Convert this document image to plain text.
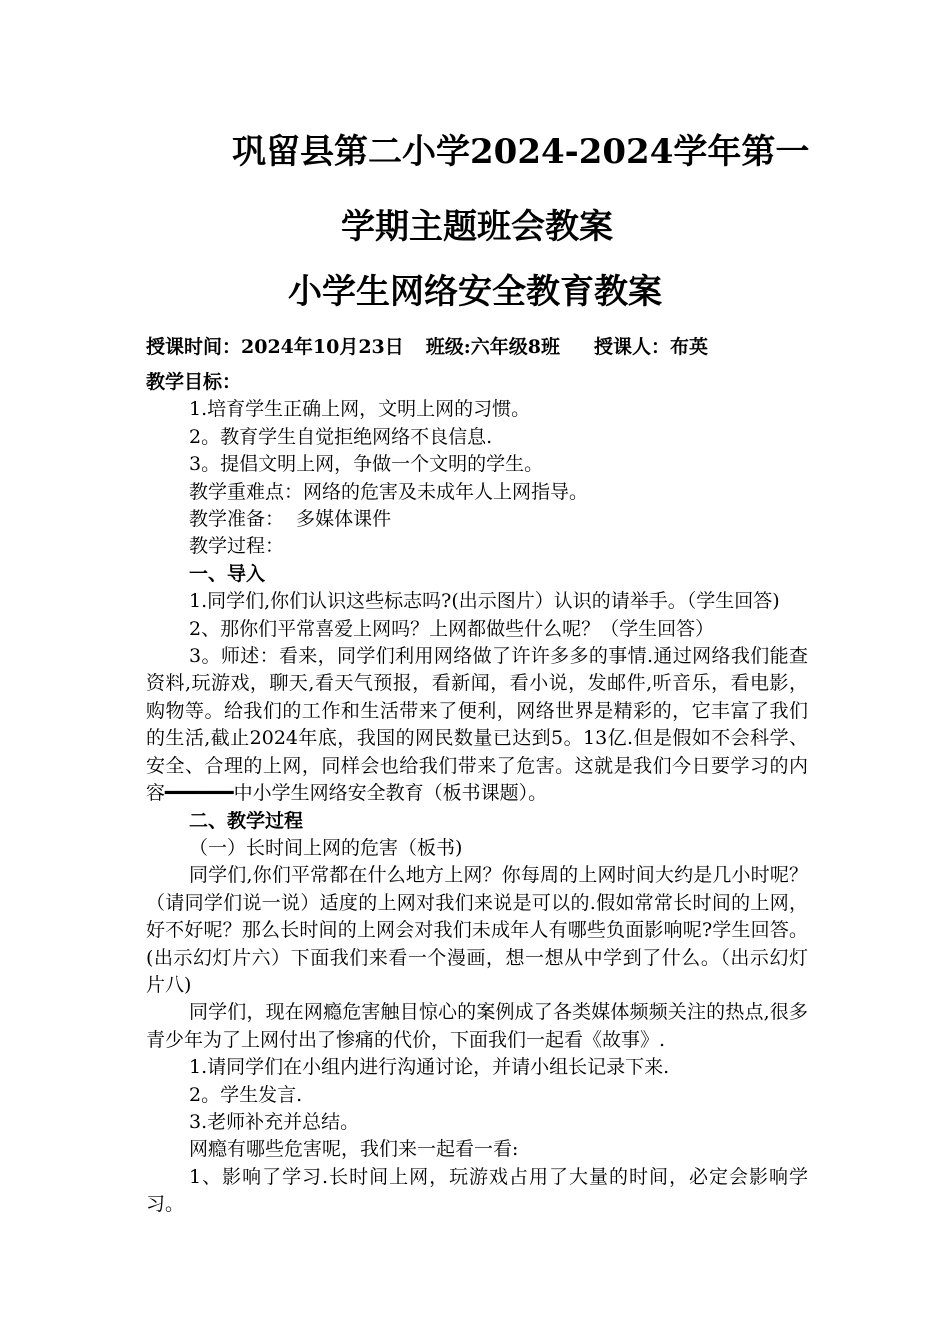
巩留县第二小学2024-2024学年第一
学期主题班会教案
小学生网络安全教育教案
授课时间：2024年10月23日 班级:六年级8班 授课人：布英

教学目标：

1.培育学生正确上网，文明上网的习惯。

2。教育学生自觉拒绝网络不良信息.

3。提倡文明上网，争做一个文明的学生。

教学重难点：网络的危害及未成年人上网指导。

教学准备：  多媒体课件

教学过程：

一、导入

1.同学们,你们认识这些标志吗?(出示图片）认识的请举手。（学生回答)

2、那你们平常喜爱上网吗？上网都做些什么呢？（学生回答）

3。师述：看来，同学们利用网络做了许许多多的事情.通过网络我们能查资料,玩游戏，聊天,看天气预报，看新闻，看小说，发邮件,听音乐，看电影，购物等。给我们的工作和生活带来了便利，网络世界是精彩的，它丰富了我们的生活,截止2024年底，我国的网民数量已达到5。13亿.但是假如不会科学、安全、合理的上网，同样会也给我们带来了危害。这就是我们今日要学习的内容━━━━━━中小学生网络安全教育（板书课题）。

二、教学过程

（一）长时间上网的危害（板书)

同学们,你们平常都在什么地方上网？你每周的上网时间大约是几小时呢？（请同学们说一说）适度的上网对我们来说是可以的.假如常常长时间的上网，好不好呢？那么长时间的上网会对我们未成年人有哪些负面影响呢?学生回答。(出示幻灯片六）下面我们来看一个漫画，想一想从中学到了什么。（出示幻灯片八)

同学们，现在网瘾危害触目惊心的案例成了各类媒体频频关注的热点,很多青少年为了上网付出了惨痛的代价，下面我们一起看《故事》.

1.请同学们在小组内进行沟通讨论，并请小组长记录下来.

2。学生发言.

3.老师补充并总结。

网瘾有哪些危害呢，我们来一起看一看:

1、影响了学习.长时间上网，玩游戏占用了大量的时间，必定会影响学习。
